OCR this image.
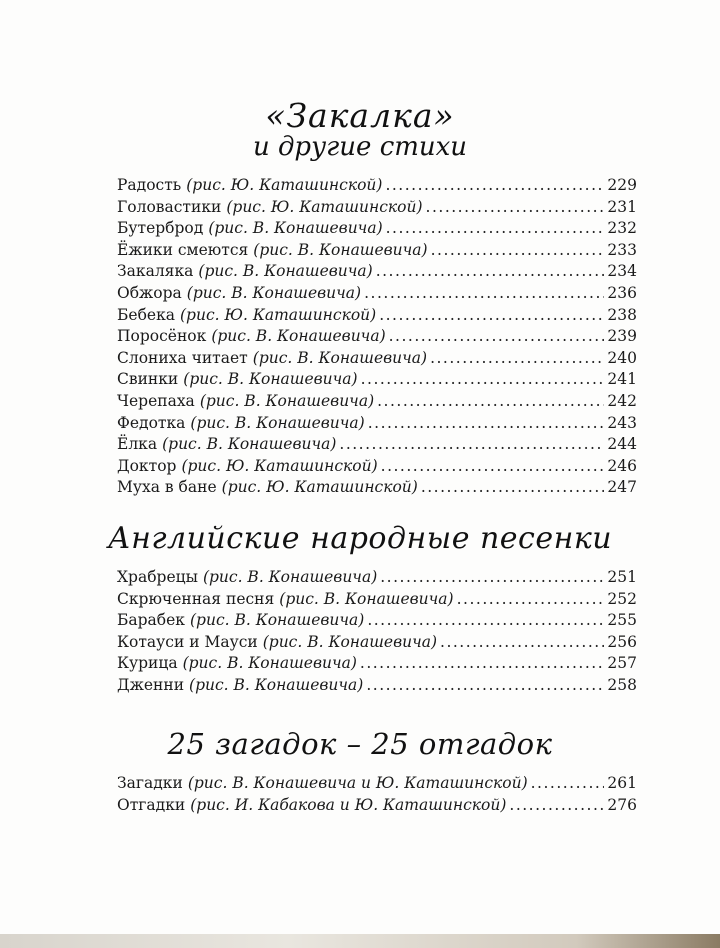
«Закалка»
и другие стихи
Радость (рис. Ю. Каташинской) .....	229
Головастики (рис. Ю. Каташинской) .....	231
Бутерброд (рис. В. Конашевича) .....	232
Ёжики смеются (рис. В. Конашевича) .....	233
Закаляка (рис. В. Конашевича) .....	234
Обжора (рис. В. Конашевича) .....	236
Бебека (рис. Ю. Каташинской) .....	238
Поросёнок (рис. В. Конашевича) .....	239
Слониха читает (рис. В. Конашевича) .....	240
Свинки (рис. В. Конашевича) .....	241
Черепаха (рис. В. Конашевича) .....	242
Федотка (рис. В. Конашевича) .....	243
Ёлка (рис. В. Конашевича) .....	244
Доктор (рис. Ю. Каташинской) .....	246
Муха в бане (рис. Ю. Каташинской) .....	247
Английские народные песенки
Храбрецы (рис. В. Конашевича) .....	251
Скрюченная песня (рис. В. Конашевича) .....	252
Барабек (рис. В. Конашевича) .....	255
Котауси и Мауси (рис. В. Конашевича) .....	256
Курица (рис. В. Конашевича) .....	257
Дженни (рис. В. Конашевича) .....	258
25 загадок – 25 отгадок
Загадки (рис. В. Конашевича и Ю. Каташинской) .....	261
Отгадки (рис. И. Кабакова и Ю. Каташинской) .....	276
